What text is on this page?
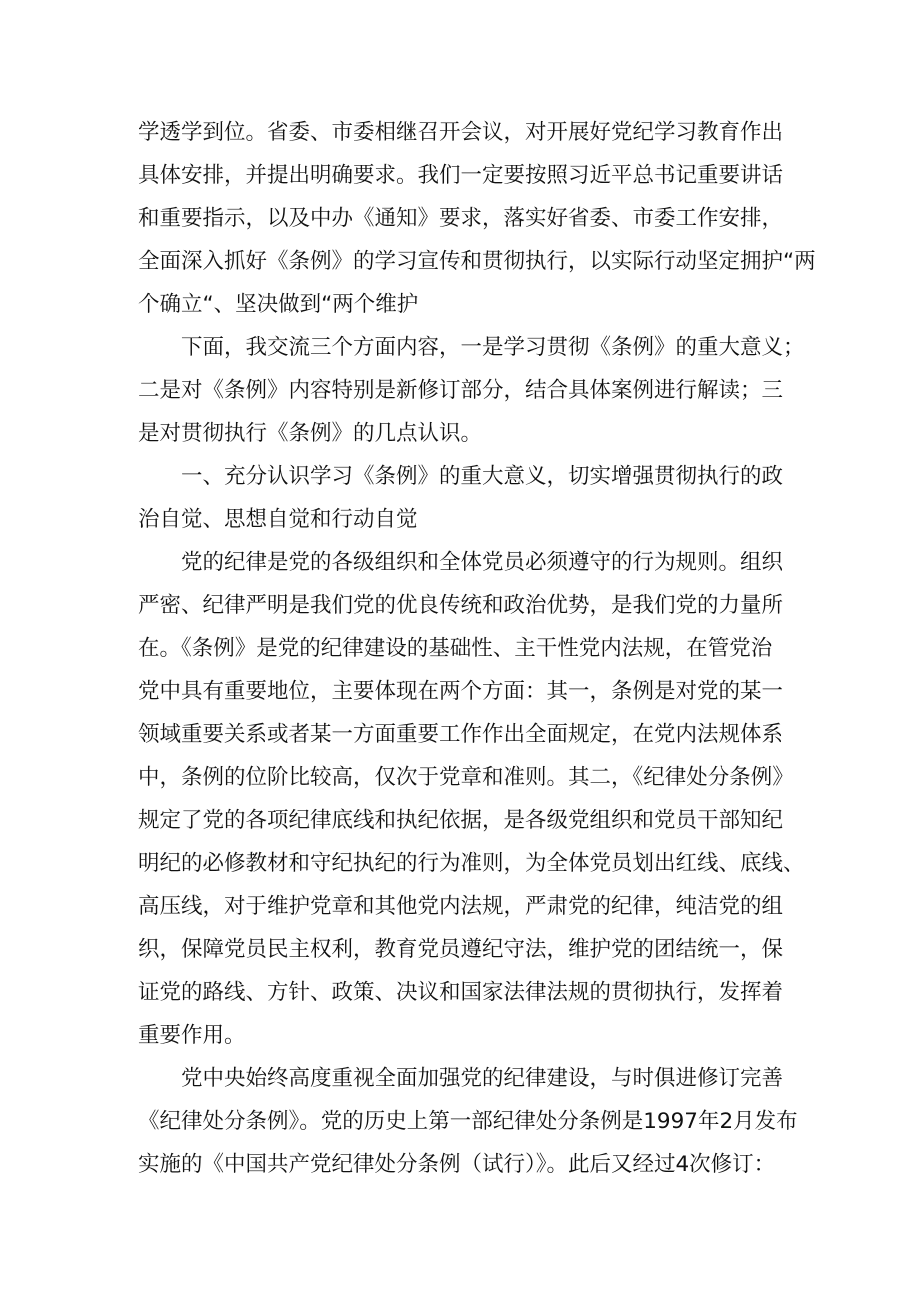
学透学到位。省委、市委相继召开会议，对开展好党纪学习教育作出
具体安排，并提出明确要求。我们一定要按照习近平总书记重要讲话
和重要指示，以及中办《通知》要求，落实好省委、市委工作安排，
全面深入抓好《条例》的学习宣传和贯彻执行，以实际行动坚定拥护“两
个确立“、坚决做到“两个维护
下面，我交流三个方面内容，一是学习贯彻《条例》的重大意义；
二是对《条例》内容特别是新修订部分，结合具体案例进行解读；三
是对贯彻执行《条例》的几点认识。
一、充分认识学习《条例》的重大意义，切实增强贯彻执行的政
治自觉、思想自觉和行动自觉
党的纪律是党的各级组织和全体党员必须遵守的行为规则。组织
严密、纪律严明是我们党的优良传统和政治优势，是我们党的力量所
在。《条例》是党的纪律建设的基础性、主干性党内法规，在管党治
党中具有重要地位，主要体现在两个方面：其一，条例是对党的某一
领域重要关系或者某一方面重要工作作出全面规定，在党内法规体系
中，条例的位阶比较高，仅次于党章和准则。其二，《纪律处分条例》
规定了党的各项纪律底线和执纪依据，是各级党组织和党员干部知纪
明纪的必修教材和守纪执纪的行为准则，为全体党员划出红线、底线、
高压线，对于维护党章和其他党内法规，严肃党的纪律，纯洁党的组
织，保障党员民主权利，教育党员遵纪守法，维护党的团结统一，保
证党的路线、方针、政策、决议和国家法律法规的贯彻执行，发挥着
重要作用。
党中央始终高度重视全面加强党的纪律建设，与时俱进修订完善
《纪律处分条例》。党的历史上第一部纪律处分条例是1997年2月发布
实施的《中国共产党纪律处分条例（试行）》。此后又经过4次修订：
